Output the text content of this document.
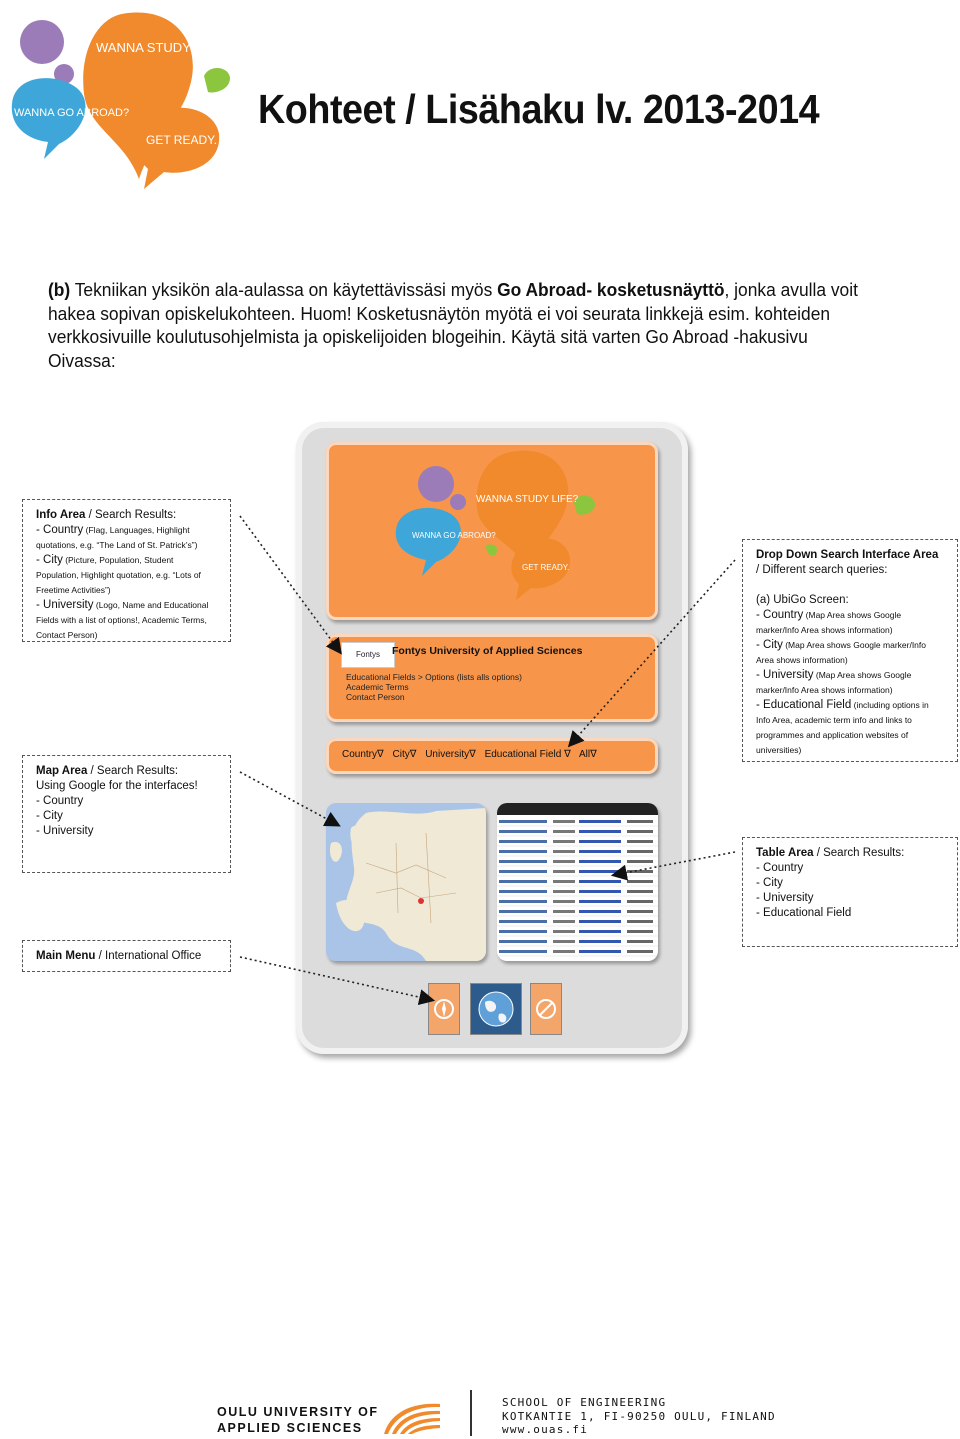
WANNA STUDY LIFE?
WANNA GO ABROAD?
GET READY.
Kohteet / Lisähaku lv. 2013-2014
(b) Tekniikan yksikön ala-aulassa on käytettävissäsi myös Go Abroad- kosketusnäyttö, jonka avulla voit hakea sopivan opiskelukohteen. Huom! Kosketusnäytön myötä ei voi seurata linkkejä esim. kohteiden verkkosivuille koulutusohjelmista ja opiskelijoiden blogeihin. Käytä sitä varten Go Abroad -hakusivu Oivassa:
WANNA STUDY LIFE?
WANNA GO ABROAD?
GET READY.
Fontys	Fontys University of Applied Sciences
Educational Fields > Options (lists alls options)
Academic Terms
Contact Person
Country∇ City∇ University∇ Educational Field ∇ All∇
Info Area / Search Results:
- Country (Flag, Languages, Highlight quotations, e.g. “The Land of St. Patrick’s”)
- City (Picture, Population, Student Population, Highlight quotation, e.g. “Lots of Freetime Activities”)
- University (Logo, Name and Educational Fields with a list of options!, Academic Terms, Contact Person)
Map Area / Search Results:
Using Google for the interfaces!
- Country
- City
- University
Main Menu / International Office
Drop Down Search Interface Area / Different search queries:
(a) UbiGo Screen:
- Country (Map Area shows Google marker/Info Area shows information)
- City (Map Area shows Google marker/Info Area shows information)
- University (Map Area shows Google marker/Info Area shows information)
- Educational Field (including options in Info Area, academic term info and links to programmes and application websites of universities)
Table Area / Search Results:
- Country
- City
- University
- Educational Field
OULU UNIVERSITY OF
APPLIED SCIENCES
SCHOOL OF ENGINEERING
KOTKANTIE 1, FI-90250 OULU, FINLAND
www.ouas.fi
